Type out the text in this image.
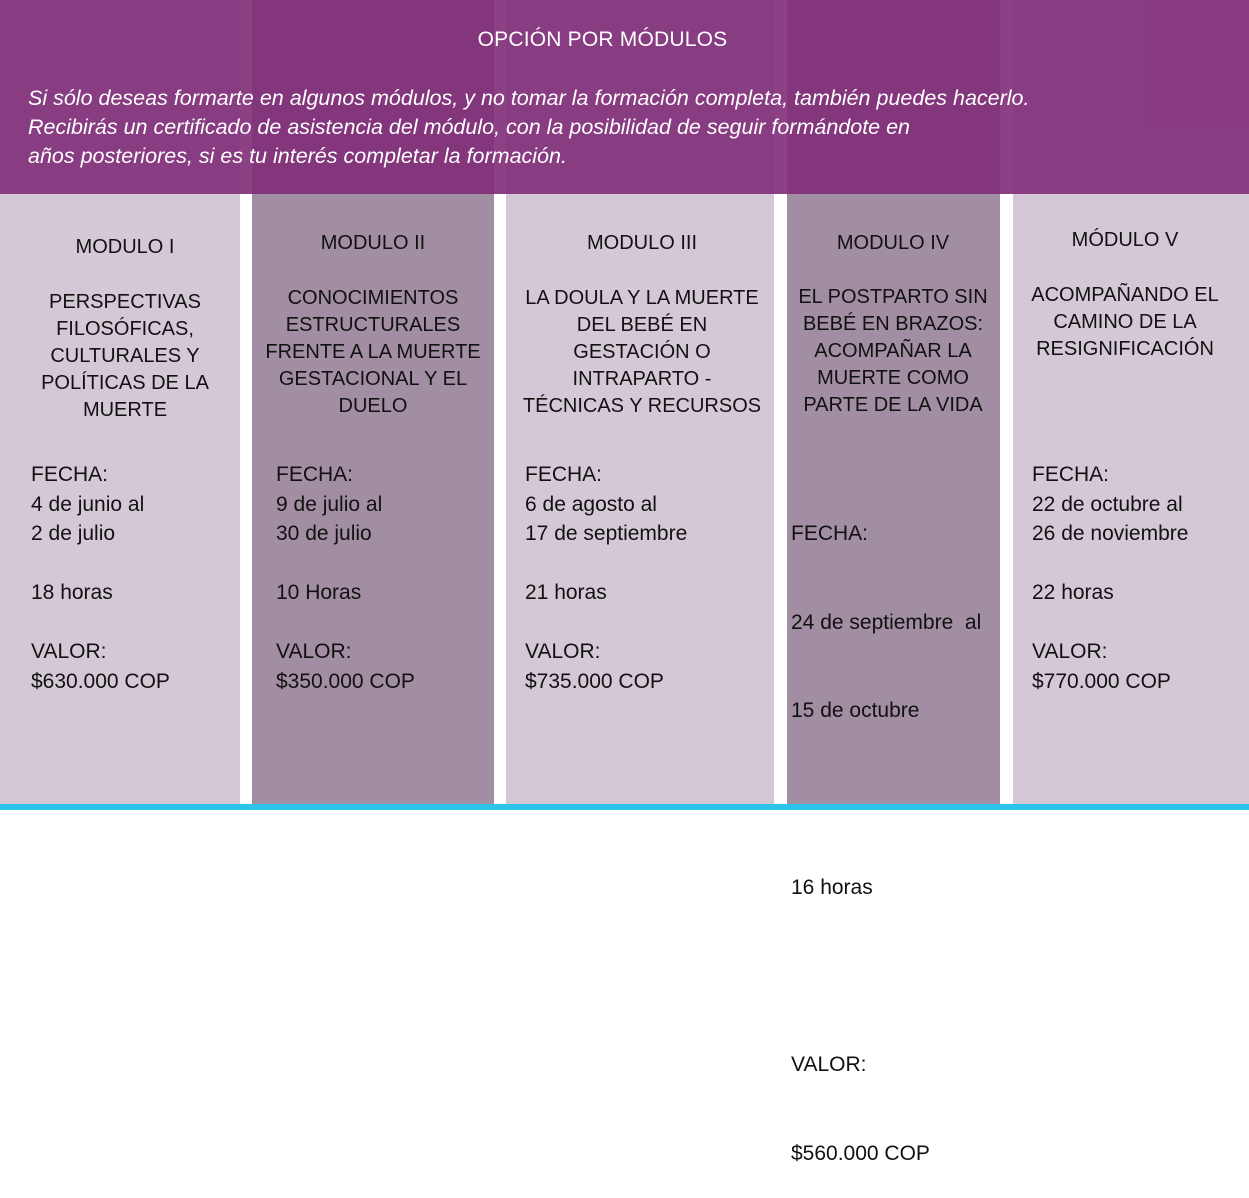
OPCIÓN POR MÓDULOS
Si sólo deseas formarte en algunos módulos, y no tomar la formación completa, también puedes hacerlo.
Recibirás un certificado de asistencia del módulo, con la posibilidad de seguir formándote en
años posteriores, si es tu interés completar la formación.
MODULO I
PERSPECTIVAS
FILOSÓFICAS,
CULTURALES Y
POLÍTICAS DE LA
MUERTE
FECHA:
4 de junio al
2 de julio
18 horas
VALOR:
$630.000 COP
MODULO II
CONOCIMIENTOS
ESTRUCTURALES
FRENTE A LA MUERTE
GESTACIONAL Y EL
DUELO
FECHA:
9 de julio al
30 de julio
10 Horas
VALOR:
$350.000 COP
MODULO III
LA DOULA Y LA MUERTE
DEL BEBÉ EN
GESTACIÓN O
INTRAPARTO -
TÉCNICAS Y RECURSOS
FECHA:
6 de agosto al
17 de septiembre
21 horas
VALOR:
$735.000 COP
MODULO IV
EL POSTPARTO SIN
BEBÉ EN BRAZOS:
ACOMPAÑAR LA
MUERTE COMO
PARTE DE LA VIDA

FECHA:

24 de septiembre  al

15 de octubre

16 horas

VALOR:

$560.000 COP

MÓDULO V
ACOMPAÑANDO EL
CAMINO DE LA
RESIGNIFICACIÓN
FECHA:
22 de octubre al
26 de noviembre
22 horas
VALOR:
$770.000 COP
